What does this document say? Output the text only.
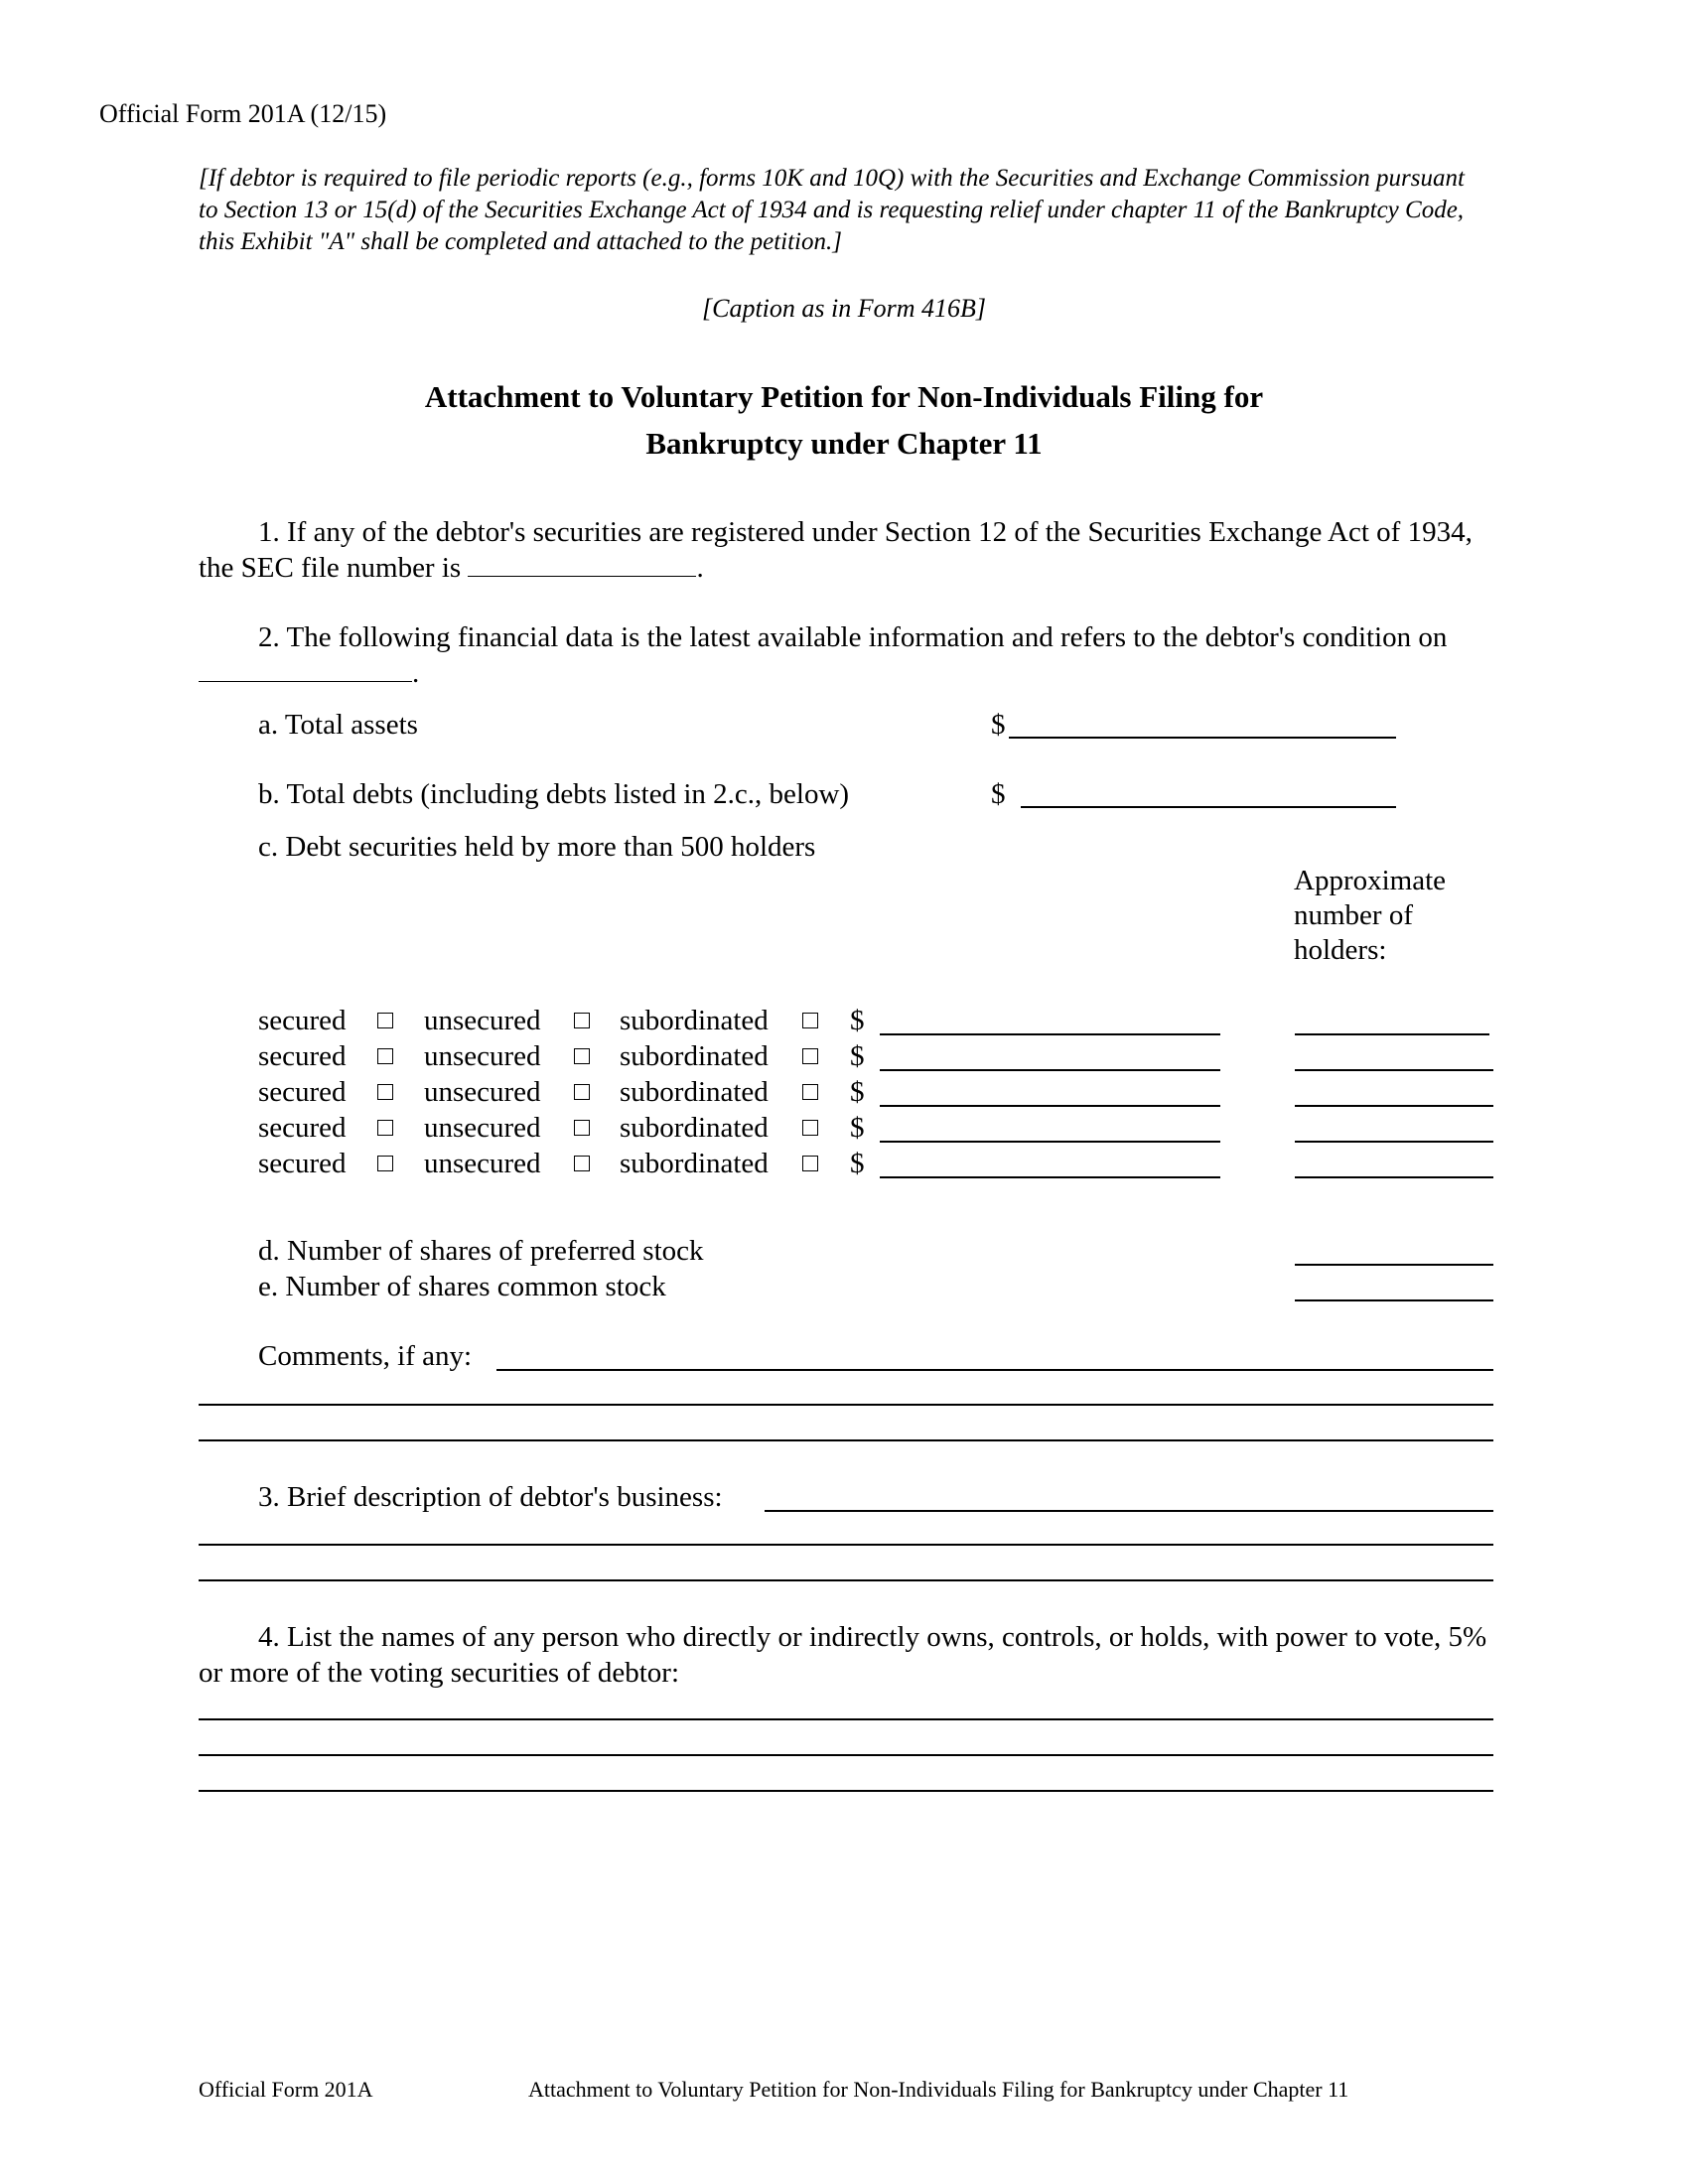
Official Form 201A (12/15)
[If debtor is required to file periodic reports (e.g., forms 10K and 10Q) with the Securities and Exchange Commission pursuant to Section 13 or 15(d) of the Securities Exchange Act of 1934 and is requesting relief under chapter 11 of the Bankruptcy Code, this Exhibit "A" shall be completed and attached to the petition.]
[Caption as in Form 416B]
Attachment to Voluntary Petition for Non-Individuals Filing for
Bankruptcy under Chapter 11
1. If any of the debtor's securities are registered under Section 12 of the Securities Exchange Act of 1934, the SEC file number is	.
2. The following financial data is the latest available information and refers to the debtor's condition on
.
a. Total assets	$
b. Total debts (including debts listed in 2.c., below)	$
c. Debt securities held by more than 500 holders
Approximate
number of
holders:
secured	unsecured	subordinated	$
secured	unsecured	subordinated	$
secured	unsecured	subordinated	$
secured	unsecured	subordinated	$
secured	unsecured	subordinated	$
d. Number of shares of preferred stock
e. Number of shares common stock
Comments, if any:
3. Brief description of debtor's business:
4. List the names of any person who directly or indirectly owns, controls, or holds, with power to vote, 5% or more of the voting securities of debtor:
Official Form 201A	Attachment to Voluntary Petition for Non-Individuals Filing for Bankruptcy under Chapter 11
